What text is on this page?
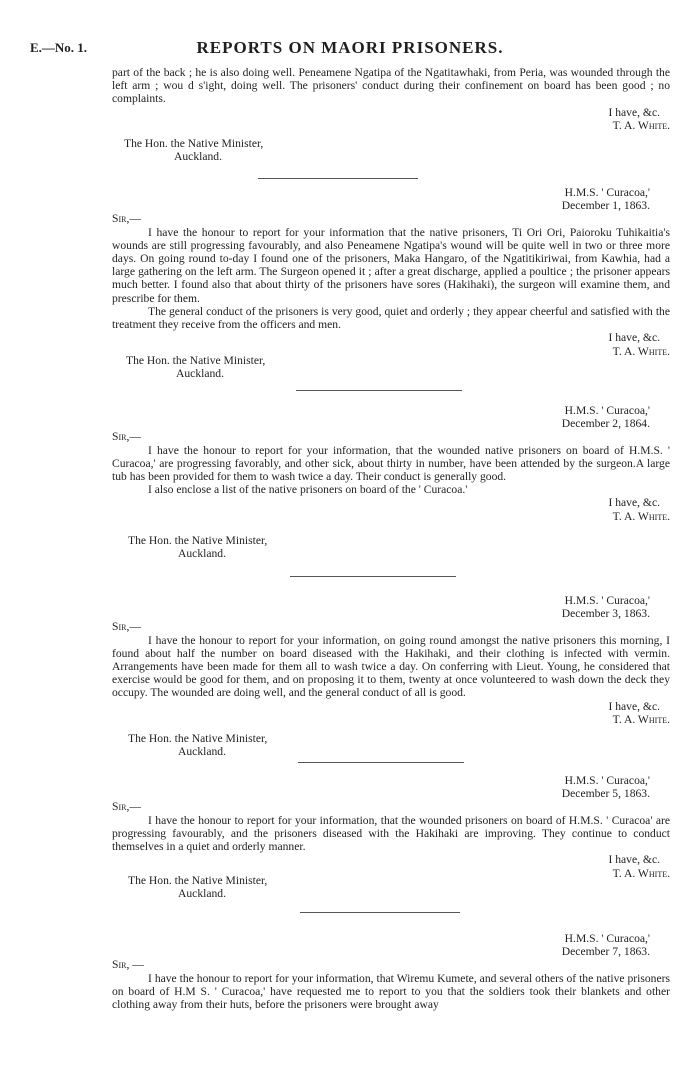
E.—No. 1.	REPORTS ON MAORI PRISONERS.

part of the back ; he is also doing well. Peneamene Ngatipa of the Ngatitawhaki, from Peria, was wounded through the left arm ; wou d s'ight, doing well. The prisoners' conduct during their confinement on board has been good ; no complaints.

I have, &c.

T. A. White.

The Hon. the Native Minister,

Auckland.

H.M.S. ' Curacoa,'

December 1, 1863.

Sir,—

I have the honour to report for your information that the native prisoners, Ti Ori Ori, Paioroku Tuhikaitia's wounds are still progressing favourably, and also Peneamene Ngatipa's wound will be quite well in two or three more days. On going round to-day I found one of the prisoners, Maka Hangaro, of the Ngatitikiriwai, from Kawhia, had a large gathering on the left arm. The Surgeon opened it ; after a great discharge, applied a poultice ; the prisoner appears much better. I found also that about thirty of the prisoners have sores (Hakihaki), the surgeon will examine them, and prescribe for them.

The general conduct of the prisoners is very good, quiet and orderly ; they appear cheerful and satisfied with the treatment they receive from the officers and men.

I have, &c.

T. A. White.

The Hon. the Native Minister,

Auckland.

H.M.S. ' Curacoa,'

December 2, 1864.

Sir,—

I have the honour to report for your information, that the wounded native prisoners on board of H.M.S. ' Curacoa,' are progressing favorably, and other sick, about thirty in number, have been attended by the surgeon.A large tub has been provided for them to wash twice a day. Their conduct is generally good.

I also enclose a list of the native prisoners on board of the ' Curacoa.'

I have, &c.

T. A. White.

The Hon. the Native Minister,

Auckland.

H.M.S. ' Curacoa,'

December 3, 1863.

Sir,—

I have the honour to report for your information, on going round amongst the native prisoners this morning, I found about half the number on board diseased with the Hakihaki, and their clothing is infected with vermin. Arrangements have been made for them all to wash twice a day. On conferring with Lieut. Young, he considered that exercise would be good for them, and on proposing it to them, twenty at once volunteered to wash down the deck they occupy. The wounded are doing well, and the general conduct of all is good.

I have, &c.

T. A. White.

The Hon. the Native Minister,

Auckland.

H.M.S. ' Curacoa,'

December 5, 1863.

Sir,—

I have the honour to report for your information, that the wounded prisoners on board of H.M.S. ' Curacoa' are progressing favourably, and the prisoners diseased with the Hakihaki are improving. They continue to conduct themselves in a quiet and orderly manner.

I have, &c.

T. A. White.

The Hon. the Native Minister,

Auckland.

H.M.S. ' Curacoa,'

December 7, 1863.

Sir, —

I have the honour to report for your information, that Wiremu Kumete, and several others of the native prisoners on board of H.M S. ' Curacoa,' have requested me to report to you that the soldiers took their blankets and other clothing away from their huts, before the prisoners were brought away
